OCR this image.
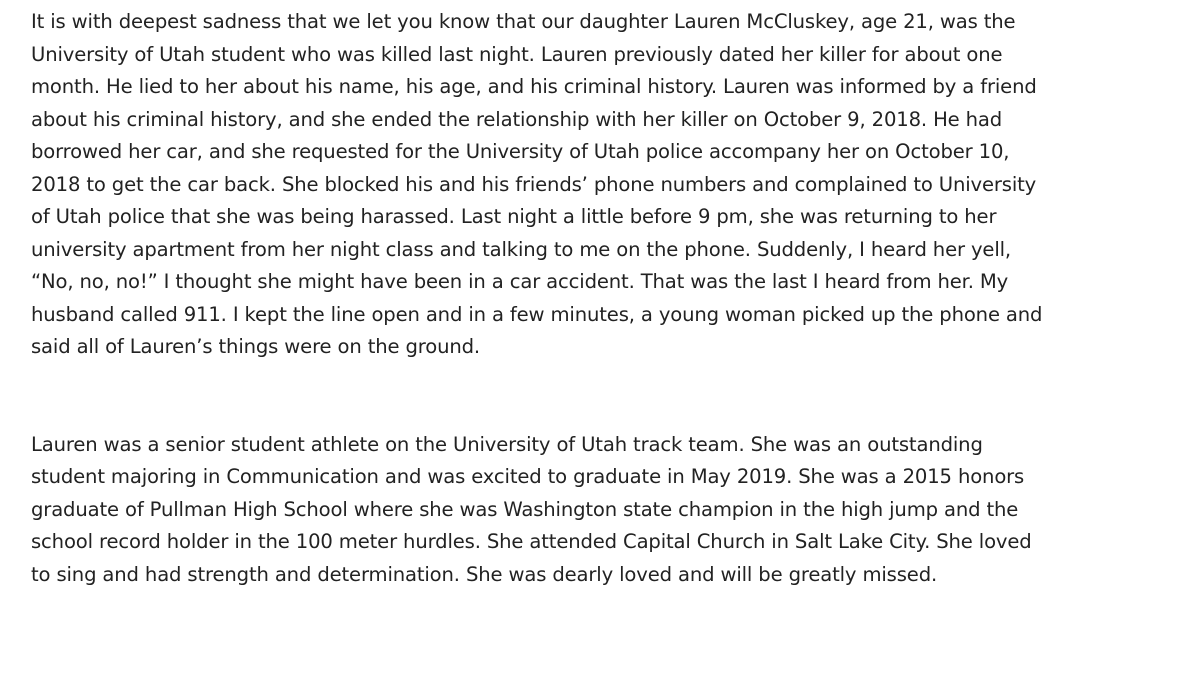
It is with deepest sadness that we let you know that our daughter Lauren McCluskey, age 21, was the
University of Utah student who was killed last night. Lauren previously dated her killer for about one
month. He lied to her about his name, his age, and his criminal history. Lauren was informed by a friend
about his criminal history, and she ended the relationship with her killer on October 9, 2018. He had
borrowed her car, and she requested for the University of Utah police accompany her on October 10,
2018 to get the car back. She blocked his and his friends’ phone numbers and complained to University
of Utah police that she was being harassed. Last night a little before 9 pm, she was returning to her
university apartment from her night class and talking to me on the phone. Suddenly, I heard her yell,
“No, no, no!” I thought she might have been in a car accident. That was the last I heard from her. My
husband called 911. I kept the line open and in a few minutes, a young woman picked up the phone and
said all of Lauren’s things were on the ground.
Lauren was a senior student athlete on the University of Utah track team. She was an outstanding
student majoring in Communication and was excited to graduate in May 2019. She was a 2015 honors
graduate of Pullman High School where she was Washington state champion in the high jump and the
school record holder in the 100 meter hurdles. She attended Capital Church in Salt Lake City. She loved
to sing and had strength and determination. She was dearly loved and will be greatly missed.
